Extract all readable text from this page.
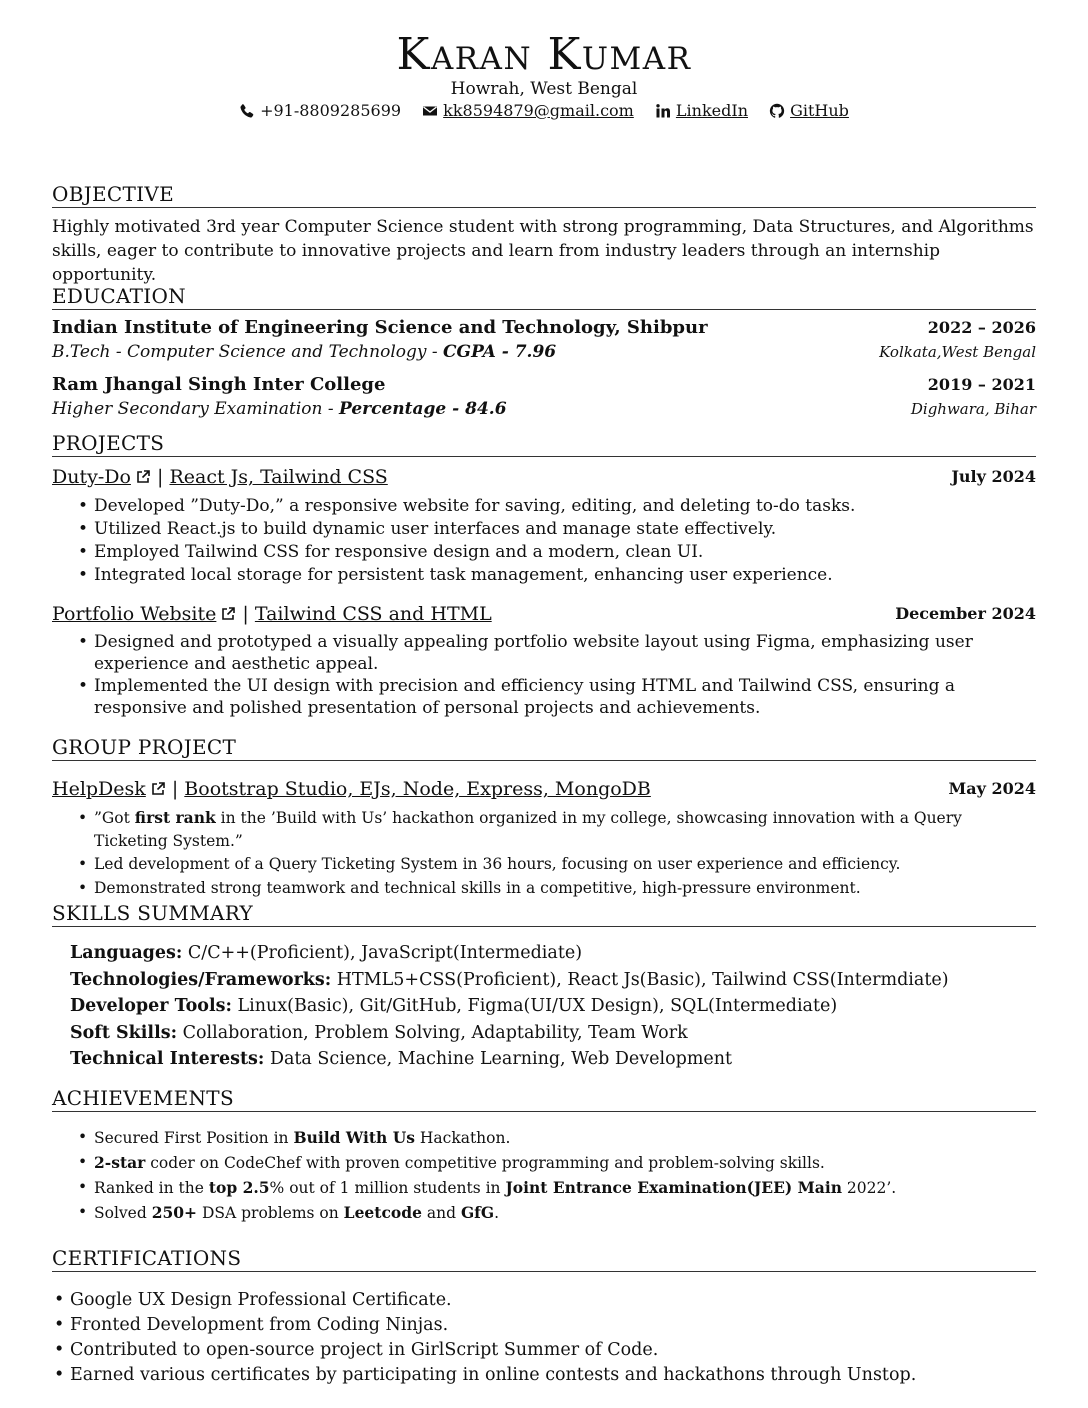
Karan Kumar
Howrah, West Bengal
+91-8809285699
	kk8594879@gmail.com
	LinkedIn
	GitHub
OBJECTIVE
Highly motivated 3rd year Computer Science student with strong programming, Data Structures, and Algorithms skills, eager to contribute to innovative projects and learn from industry leaders through an internship opportunity.
EDUCATION
Indian Institute of Engineering Science and Technology, Shibpur	2022 – 2026
B.Tech - Computer Science and Technology - CGPA - 7.96	Kolkata,West Bengal
Ram Jhangal Singh Inter College	2019 – 2021
Higher Secondary Examination - Percentage - 84.6	Dighwara, Bihar
PROJECTS
Duty-Do | React Js, Tailwind CSS	July 2024
• Developed ”Duty-Do,” a responsive website for saving, editing, and deleting to-do tasks.
• Utilized React.js to build dynamic user interfaces and manage state effectively.
• Employed Tailwind CSS for responsive design and a modern, clean UI.
• Integrated local storage for persistent task management, enhancing user experience.
Portfolio Website | Tailwind CSS and HTML	December 2024
• Designed and prototyped a visually appealing portfolio website layout using Figma, emphasizing user experience and aesthetic appeal.
• Implemented the UI design with precision and efficiency using HTML and Tailwind CSS, ensuring a responsive and polished presentation of personal projects and achievements.
GROUP PROJECT
HelpDesk | Bootstrap Studio, EJs, Node, Express, MongoDB	May 2024
• ”Got first rank in the ’Build with Us’ hackathon organized in my college, showcasing innovation with a Query Ticketing System.”
• Led development of a Query Ticketing System in 36 hours, focusing on user experience and efficiency.
• Demonstrated strong teamwork and technical skills in a competitive, high-pressure environment.
SKILLS SUMMARY
Languages: C/C++(Proficient), JavaScript(Intermediate)
Technologies/Frameworks: HTML5+CSS(Proficient), React Js(Basic), Tailwind CSS(Intermdiate)
Developer Tools: Linux(Basic), Git/GitHub, Figma(UI/UX Design), SQL(Intermediate)
Soft Skills: Collaboration, Problem Solving, Adaptability, Team Work
Technical Interests: Data Science, Machine Learning, Web Development
ACHIEVEMENTS
• Secured First Position in Build With Us Hackathon.
• 2-star coder on CodeChef with proven competitive programming and problem-solving skills.
• Ranked in the top 2.5% out of 1 million students in Joint Entrance Examination(JEE) Main 2022’.
• Solved 250+ DSA problems on Leetcode and GfG.
CERTIFICATIONS
• Google UX Design Professional Certificate.
• Fronted Development from Coding Ninjas.
• Contributed to open-source project in GirlScript Summer of Code.
• Earned various certificates by participating in online contests and hackathons through Unstop.
